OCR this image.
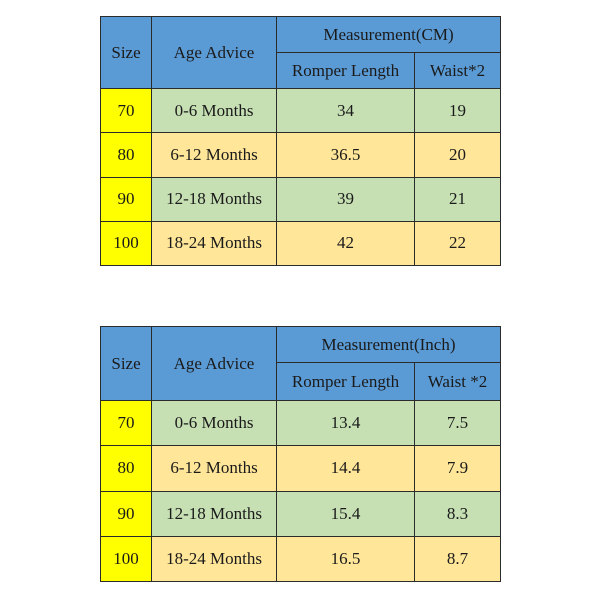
Size	Age Advice	Measurement(CM)	
		Romper Length	Waist*2
70	0-6 Months	34	19
80	6-12 Months	36.5	20
90	12-18 Months	39	21
100	18-24 Months	42	22
Size	Age Advice	Measurement(Inch)	
		Romper Length	Waist *2
70	0-6 Months	13.4	7.5
80	6-12 Months	14.4	7.9
90	12-18 Months	15.4	8.3
100	18-24 Months	16.5	8.7
